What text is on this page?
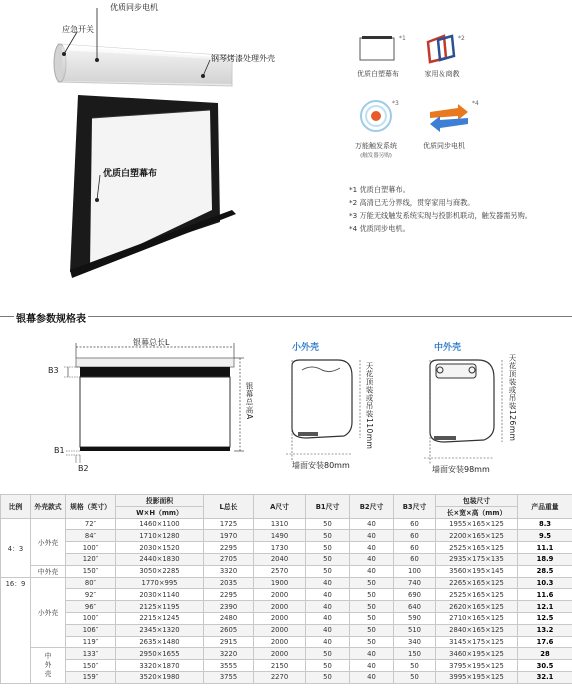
优质同步电机
应急开关
钢琴烤漆处理外壳
优质白塑幕布
*1
优质白塑幕布
*2
家用＆商教
*3
万能触发系统
(触发器另购)
*4
优质同步电机
*1 优质白塑幕布。
*2 高清已无分界线，贯穿家用与商教。
*3 万能无线触发系统实现与投影机联动，触发器需另购。
*4 优质同步电机。
银幕参数规格表
银幕总长L
银幕总高A
B3
B1
B2
小外壳
天花顶装或吊装110mm
墙面安装80mm
中外壳
天花顶装或吊装126mm
墙面安装98mm
比例	外壳款式	规格（英寸）	投影面积	L总长	A尺寸	B1尺寸	B2尺寸	B3尺寸	包装尺寸	产品重量
			W×H（mm）						长×宽×高（mm）	
4：3	小外壳	72″	1460×1100	1725	1310	50	40	60	1955×165×125	8.3
		84″	1710×1280	1970	1490	50	40	60	2200×165×125	9.5
		100″	2030×1520	2295	1730	50	40	60	2525×165×125	11.1
		120″	2440×1830	2705	2040	50	40	60	2935×175×135	18.9
	中外壳	150″	3050×2285	3320	2570	50	40	100	3560×195×145	28.5
16：9	小外壳	80″	1770×995	2035	1900	40	50	740	2265×165×125	10.3
		92″	2030×1140	2295	2000	40	50	690	2525×165×125	11.6
		96″	2125×1195	2390	2000	40	50	640	2620×165×125	12.1
		100″	2215×1245	2480	2000	40	50	590	2710×165×125	12.5
		106″	2345×1320	2605	2000	40	50	510	2840×165×125	13.2
		119″	2635×1480	2915	2000	40	50	340	3145×175×125	17.6
	中外壳	133″	2950×1655	3220	2000	50	40	150	3460×195×125	28
		150″	3320×1870	3555	2150	50	40	50	3795×195×125	30.5
		159″	3520×1980	3755	2270	50	40	50	3995×195×125	32.1
